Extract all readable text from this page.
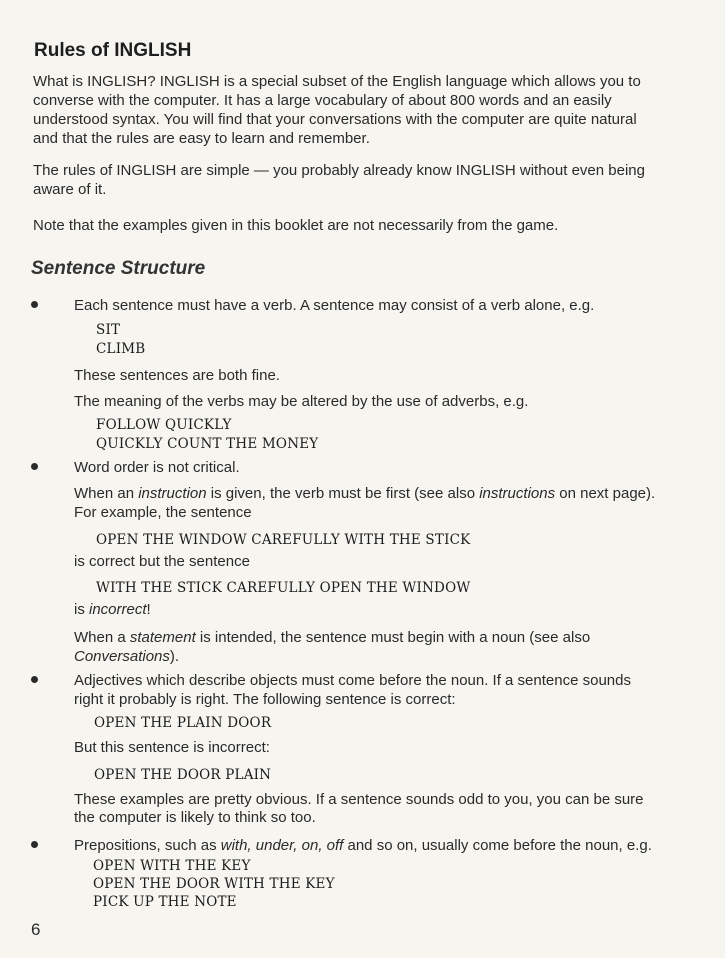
Rules of INGLISH

What is INGLISH? INGLISH is a special subset of the English language which allows you to

converse with the computer. It has a large vocabulary of about 800 words and an easily

understood syntax. You will find that your conversations with the computer are quite natural

and that the rules are easy to learn and remember.

The rules of INGLISH are simple — you probably already know INGLISH without even being

aware of it.

Note that the examples given in this booklet are not necessarily from the game.

Sentence Structure

Each sentence must have a verb. A sentence may consist of a verb alone, e.g.

SIT

CLIMB

These sentences are both fine.

The meaning of the verbs may be altered by the use of adverbs, e.g.

FOLLOW QUICKLY

QUICKLY COUNT THE MONEY

Word order is not critical.

When an instruction is given, the verb must be first (see also instructions on next page).

For example, the sentence

OPEN THE WINDOW CAREFULLY WITH THE STICK

is correct but the sentence

WITH THE STICK CAREFULLY OPEN THE WINDOW

is incorrect!

When a statement is intended, the sentence must begin with a noun (see also

Conversations).

Adjectives which describe objects must come before the noun. If a sentence sounds

right it probably is right. The following sentence is correct:

OPEN THE PLAIN DOOR

But this sentence is incorrect:

OPEN THE DOOR PLAIN

These examples are pretty obvious. If a sentence sounds odd to you, you can be sure

the computer is likely to think so too.

Prepositions, such as with, under, on, off and so on, usually come before the noun, e.g.

OPEN WITH THE KEY

OPEN THE DOOR WITH THE KEY

PICK UP THE NOTE

6
